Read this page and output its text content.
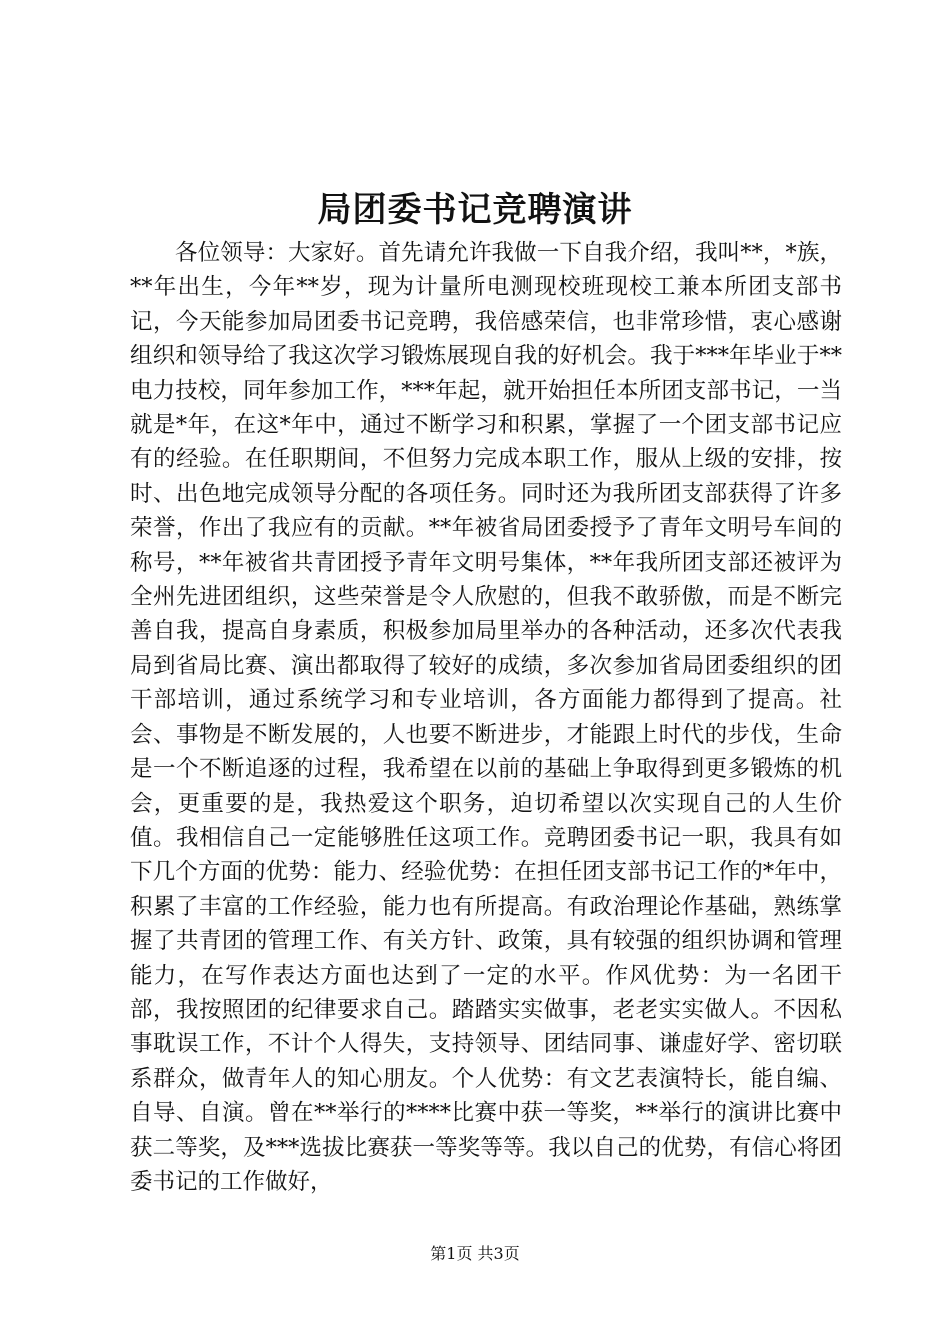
局团委书记竞聘演讲

各位领导：大家好。首先请允许我做一下自我介绍，我叫**，*族，**年出生，今年**岁，现为计量所电测现校班现校工兼本所团支部书记，今天能参加局团委书记竞聘，我倍感荣信，也非常珍惜，衷心感谢组织和领导给了我这次学习锻炼展现自我的好机会。我于***年毕业于**电力技校，同年参加工作，***年起，就开始担任本所团支部书记，一当就是*年，在这*年中，通过不断学习和积累，掌握了一个团支部书记应有的经验。在任职期间，不但努力完成本职工作，服从上级的安排，按时、出色地完成领导分配的各项任务。同时还为我所团支部获得了许多荣誉，作出了我应有的贡献。**年被省局团委授予了青年文明号车间的称号，**年被省共青团授予青年文明号集体，**年我所团支部还被评为全州先进团组织，这些荣誉是令人欣慰的，但我不敢骄傲，而是不断完善自我，提高自身素质，积极参加局里举办的各种活动，还多次代表我局到省局比赛、演出都取得了较好的成绩，多次参加省局团委组织的团干部培训，通过系统学习和专业培训，各方面能力都得到了提高。社会、事物是不断发展的，人也要不断进步，才能跟上时代的步伐，生命是一个不断追逐的过程，我希望在以前的基础上争取得到更多锻炼的机会，更重要的是，我热爱这个职务，迫切希望以次实现自己的人生价值。我相信自己一定能够胜任这项工作。竞聘团委书记一职，我具有如下几个方面的优势：能力、经验优势：在担任团支部书记工作的*年中，积累了丰富的工作经验，能力也有所提高。有政治理论作基础，熟练掌握了共青团的管理工作、有关方针、政策，具有较强的组织协调和管理能力，在写作表达方面也达到了一定的水平。作风优势：为一名团干部，我按照团的纪律要求自己。踏踏实实做事，老老实实做人。不因私事耽误工作，不计个人得失，支持领导、团结同事、谦虚好学、密切联系群众，做青年人的知心朋友。个人优势：有文艺表演特长，能自编、自导、自演。曾在**举行的****比赛中获一等奖，**举行的演讲比赛中获二等奖，及***选拔比赛获一等奖等等。我以自己的优势，有信心将团委书记的工作做好，

第1页 共3页
